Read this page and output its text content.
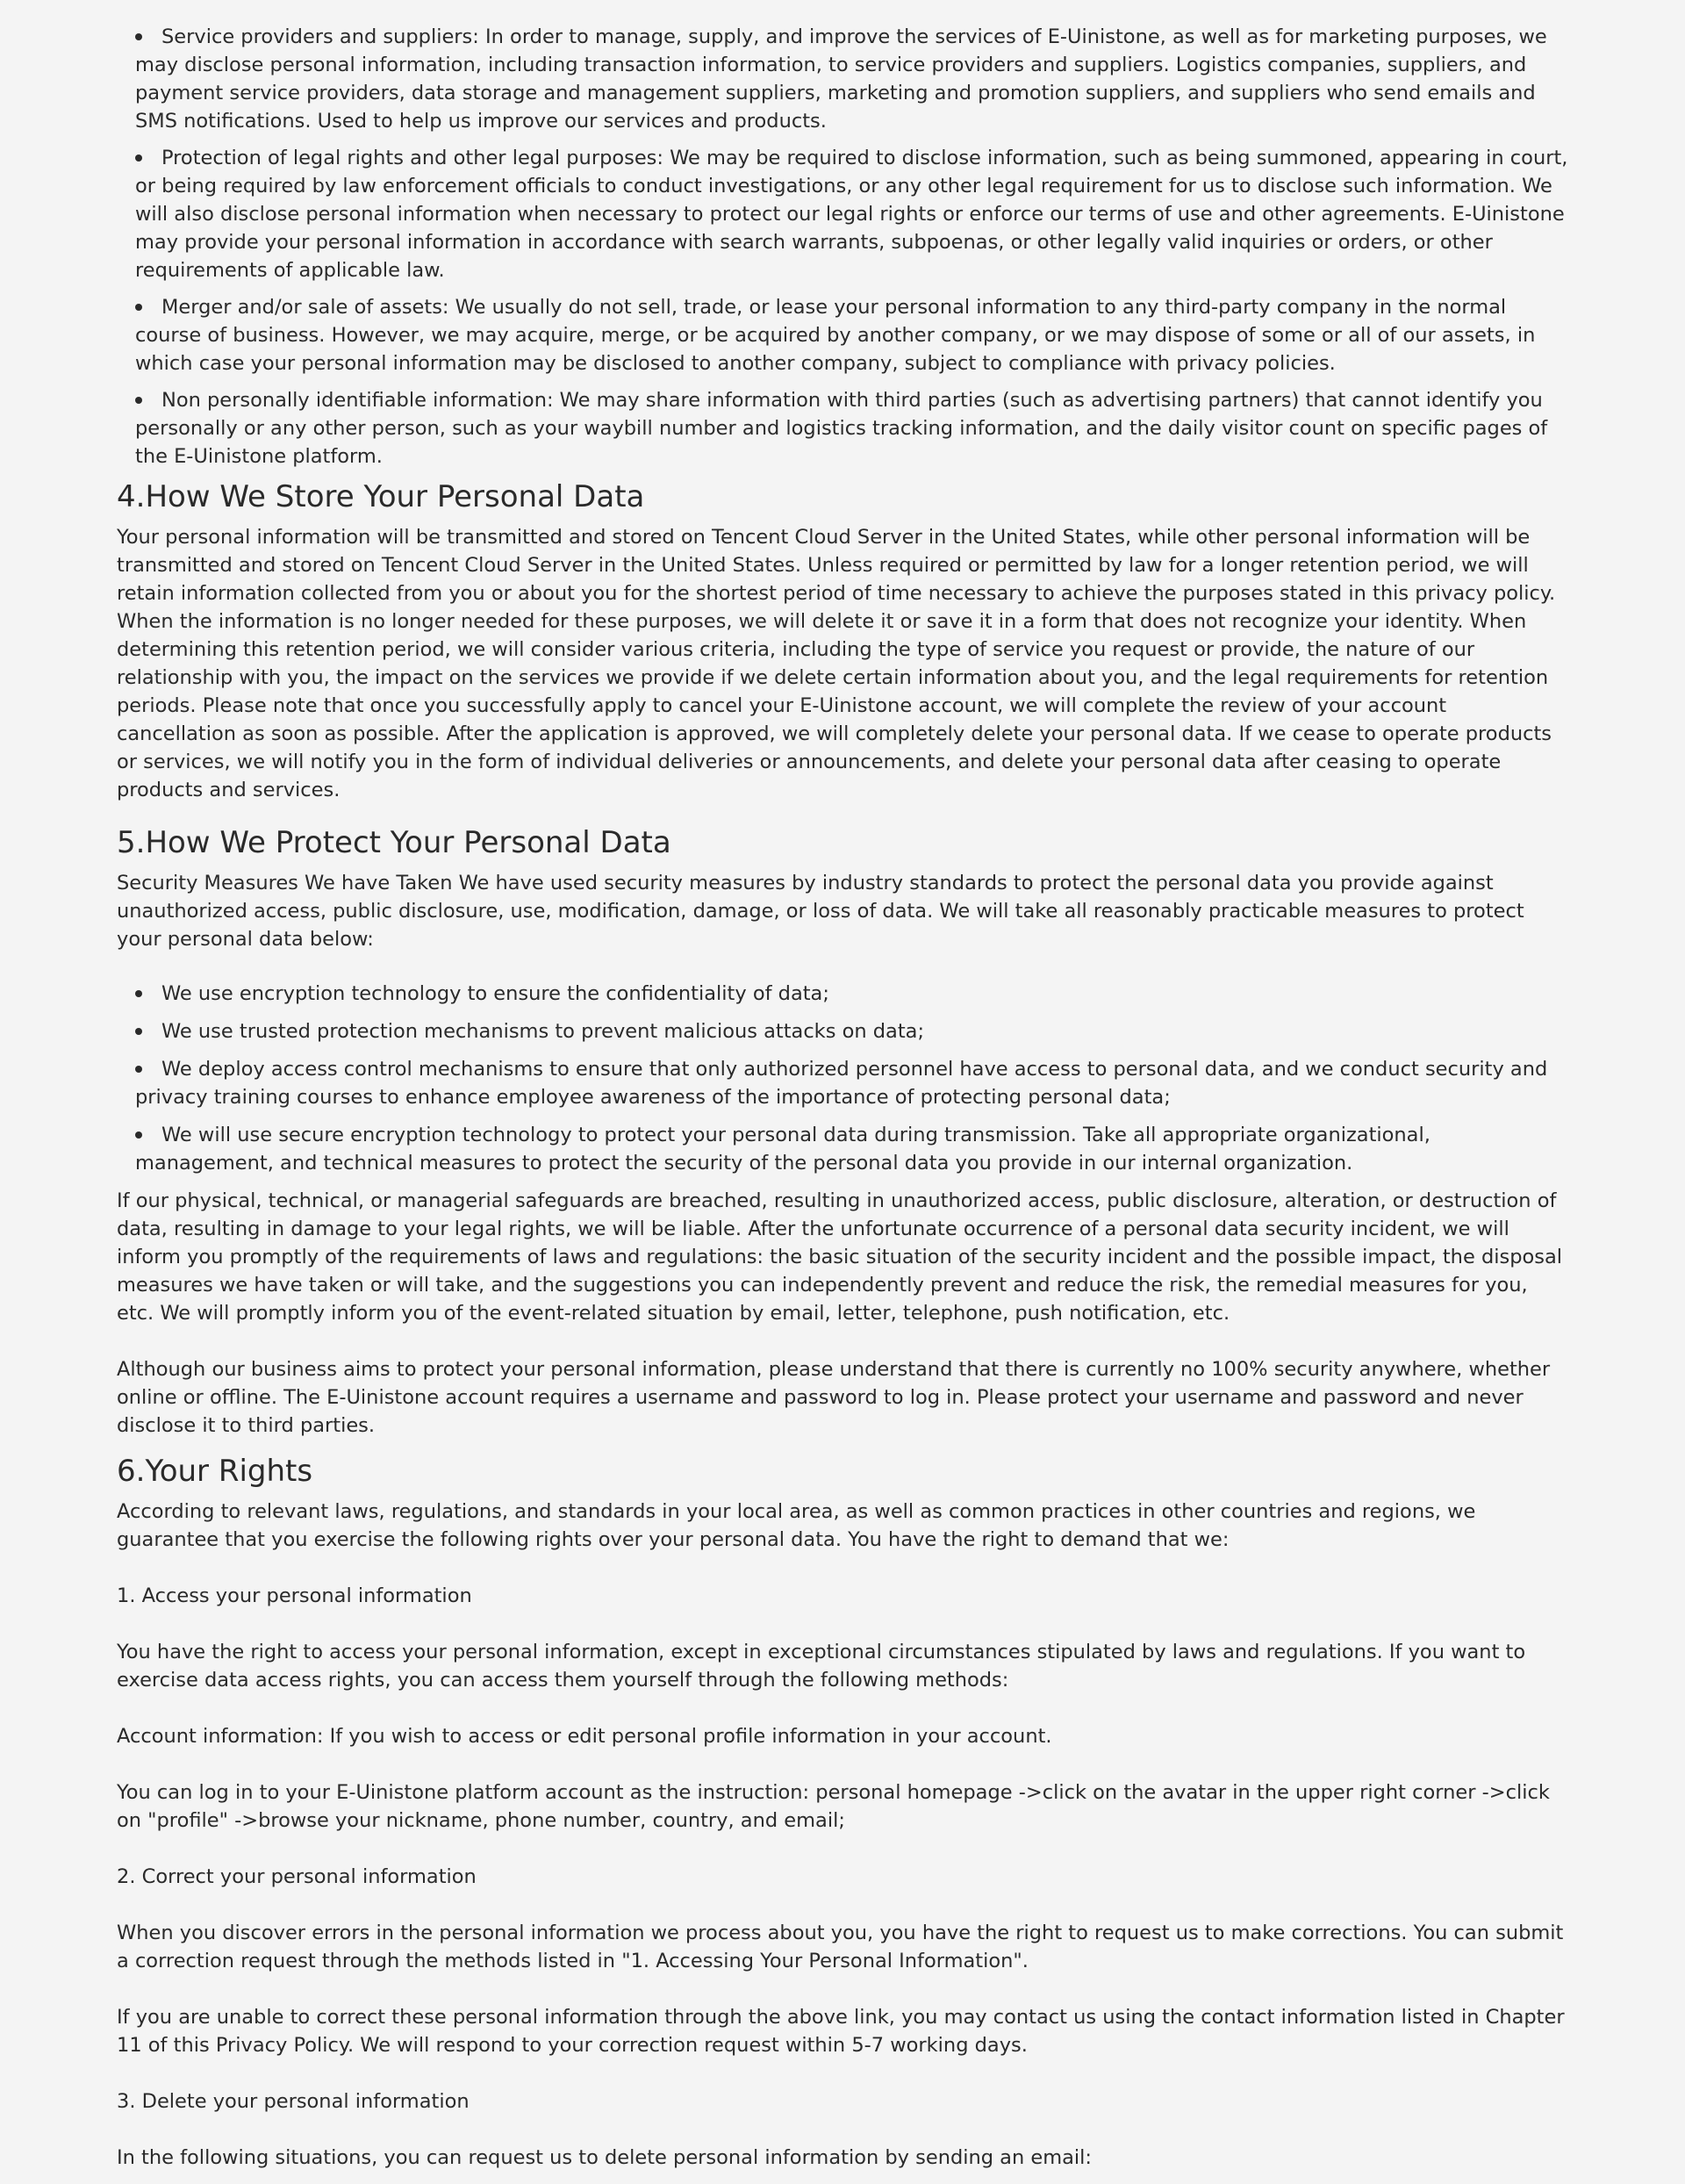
Service providers and suppliers: In order to manage, supply, and improve the services of E-Uinistone, as well as for marketing purposes, we may disclose personal information, including transaction information, to service providers and suppliers. Logistics companies, suppliers, and payment service providers, data storage and management suppliers, marketing and promotion suppliers, and suppliers who send emails and SMS notifications. Used to help us improve our services and products.
Protection of legal rights and other legal purposes: We may be required to disclose information, such as being summoned, appearing in court, or being required by law enforcement officials to conduct investigations, or any other legal requirement for us to disclose such information. We will also disclose personal information when necessary to protect our legal rights or enforce our terms of use and other agreements. E-Uinistone may provide your personal information in accordance with search warrants, subpoenas, or other legally valid inquiries or orders, or other requirements of applicable law.
Merger and/or sale of assets: We usually do not sell, trade, or lease your personal information to any third-party company in the normal course of business. However, we may acquire, merge, or be acquired by another company, or we may dispose of some or all of our assets, in which case your personal information may be disclosed to another company, subject to compliance with privacy policies.
Non personally identifiable information: We may share information with third parties (such as advertising partners) that cannot identify you personally or any other person, such as your waybill number and logistics tracking information, and the daily visitor count on specific pages of the E-Uinistone platform.
4.How We Store Your Personal Data

Your personal information will be transmitted and stored on Tencent Cloud Server in the United States, while other personal information will be transmitted and stored on Tencent Cloud Server in the United States. Unless required or permitted by law for a longer retention period, we will retain information collected from you or about you for the shortest period of time necessary to achieve the purposes stated in this privacy policy. When the information is no longer needed for these purposes, we will delete it or save it in a form that does not recognize your identity. When determining this retention period, we will consider various criteria, including the type of service you request or provide, the nature of our relationship with you, the impact on the services we provide if we delete certain information about you, and the legal requirements for retention periods. Please note that once you successfully apply to cancel your E-Uinistone account, we will complete the review of your account cancellation as soon as possible. After the application is approved, we will completely delete your personal data. If we cease to operate products or services, we will notify you in the form of individual deliveries or announcements, and delete your personal data after ceasing to operate products and services.

5.How We Protect Your Personal Data

Security Measures We have Taken We have used security measures by industry standards to protect the personal data you provide against unauthorized access, public disclosure, use, modification, damage, or loss of data. We will take all reasonably practicable measures to protect your personal data below:

We use encryption technology to ensure the confidentiality of data;
We use trusted protection mechanisms to prevent malicious attacks on data;
We deploy access control mechanisms to ensure that only authorized personnel have access to personal data, and we conduct security and privacy training courses to enhance employee awareness of the importance of protecting personal data;
We will use secure encryption technology to protect your personal data during transmission. Take all appropriate organizational, management, and technical measures to protect the security of the personal data you provide in our internal organization.

If our physical, technical, or managerial safeguards are breached, resulting in unauthorized access, public disclosure, alteration, or destruction of data, resulting in damage to your legal rights, we will be liable. After the unfortunate occurrence of a personal data security incident, we will inform you promptly of the requirements of laws and regulations: the basic situation of the security incident and the possible impact, the disposal measures we have taken or will take, and the suggestions you can independently prevent and reduce the risk, the remedial measures for you, etc. We will promptly inform you of the event-related situation by email, letter, telephone, push notification, etc.

Although our business aims to protect your personal information, please understand that there is currently no 100% security anywhere, whether online or offline. The E-Uinistone account requires a username and password to log in. Please protect your username and password and never disclose it to third parties.

6.Your Rights

According to relevant laws, regulations, and standards in your local area, as well as common practices in other countries and regions, we guarantee that you exercise the following rights over your personal data. You have the right to demand that we:

1. Access your personal information

You have the right to access your personal information, except in exceptional circumstances stipulated by laws and regulations. If you want to exercise data access rights, you can access them yourself through the following methods:

Account information: If you wish to access or edit personal profile information in your account.

You can log in to your E-Uinistone platform account as the instruction: personal homepage ->click on the avatar in the upper right corner ->click on "profile" ->browse your nickname, phone number, country, and email;

2. Correct your personal information

When you discover errors in the personal information we process about you, you have the right to request us to make corrections. You can submit a correction request through the methods listed in "1. Accessing Your Personal Information".

If you are unable to correct these personal information through the above link, you may contact us using the contact information listed in Chapter 11 of this Privacy Policy. We will respond to your correction request within 5-7 working days.

3. Delete your personal information

In the following situations, you can request us to delete personal information by sending an email:
